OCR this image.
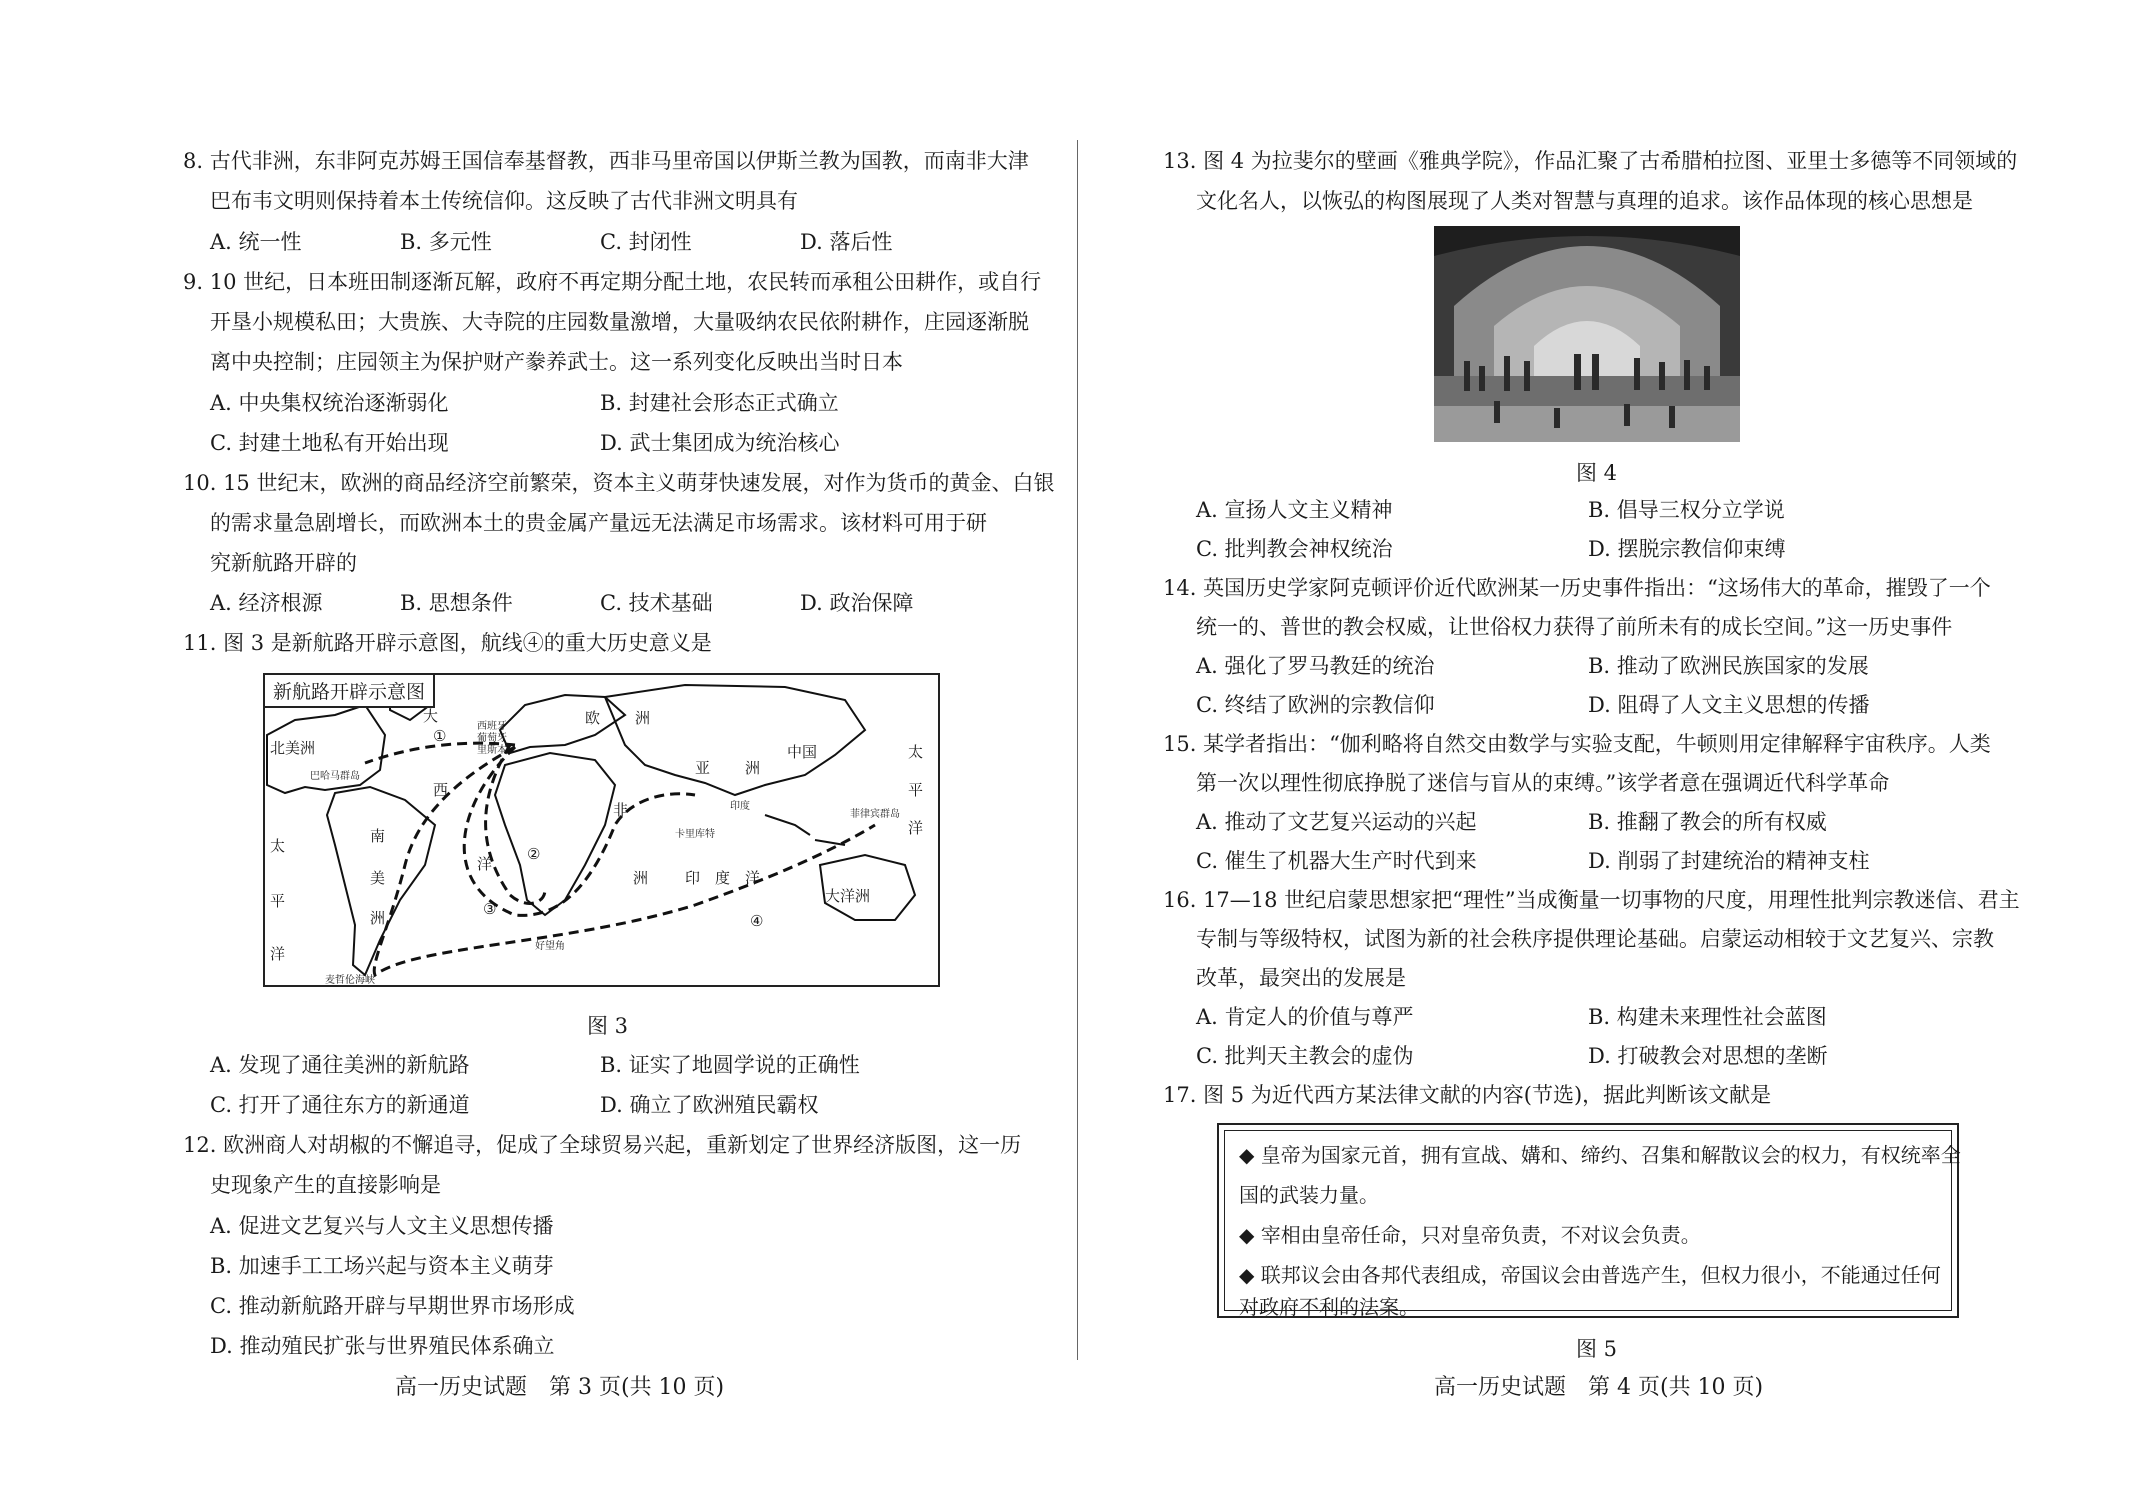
8. 古代非洲，东非阿克苏姆王国信奉基督教，西非马里帝国以伊斯兰教为国教，而南非大津
巴布韦文明则保持着本土传统信仰。这反映了古代非洲文明具有
A. 统一性	B. 多元性	C. 封闭性	D. 落后性
9. 10 世纪，日本班田制逐渐瓦解，政府不再定期分配土地，农民转而承租公田耕作，或自行
开垦小规模私田；大贵族、大寺院的庄园数量激增，大量吸纳农民依附耕作，庄园逐渐脱
离中央控制；庄园领主为保护财产豢养武士。这一系列变化反映出当时日本
A. 中央集权统治逐渐弱化	B. 封建社会形态正式确立
C. 封建土地私有开始出现	D. 武士集团成为统治核心
10. 15 世纪末，欧洲的商品经济空前繁荣，资本主义萌芽快速发展，对作为货币的黄金、白银
的需求量急剧增长，而欧洲本土的贵金属产量远无法满足市场需求。该材料可用于研
究新航路开辟的
A. 经济根源	B. 思想条件	C. 技术基础	D. 政治保障
11. 图 3 是新航路开辟示意图，航线④的重大历史意义是
新航路开辟示意图
大
西
洋
欧 洲
亚 洲
非
洲
中国	太
平
洋
北美洲
巴哈马群岛
西班牙
葡萄牙
里斯本
印度
卡里库特
菲律宾群岛
太
平
洋
南
美
洲
印 度 洋
大洋洲
好望角
麦哲伦海峡
①
②
③
④
图 3
A. 发现了通往美洲的新航路	B. 证实了地圆学说的正确性
C. 打开了通往东方的新通道	D. 确立了欧洲殖民霸权
12. 欧洲商人对胡椒的不懈追寻，促成了全球贸易兴起，重新划定了世界经济版图，这一历
史现象产生的直接影响是
A. 促进文艺复兴与人文主义思想传播
B. 加速手工工场兴起与资本主义萌芽
C. 推动新航路开辟与早期世界市场形成
D. 推动殖民扩张与世界殖民体系确立
高一历史试题　第 3 页(共 10 页)
13. 图 4 为拉斐尔的壁画《雅典学院》，作品汇聚了古希腊柏拉图、亚里士多德等不同领域的
文化名人，以恢弘的构图展现了人类对智慧与真理的追求。该作品体现的核心思想是
图 4
A. 宣扬人文主义精神	B. 倡导三权分立学说
C. 批判教会神权统治	D. 摆脱宗教信仰束缚
14. 英国历史学家阿克顿评价近代欧洲某一历史事件指出：“这场伟大的革命，摧毁了一个
统一的、普世的教会权威，让世俗权力获得了前所未有的成长空间。”这一历史事件
A. 强化了罗马教廷的统治	B. 推动了欧洲民族国家的发展
C. 终结了欧洲的宗教信仰	D. 阻碍了人文主义思想的传播
15. 某学者指出：“伽利略将自然交由数学与实验支配，牛顿则用定律解释宇宙秩序。人类
第一次以理性彻底挣脱了迷信与盲从的束缚。”该学者意在强调近代科学革命
A. 推动了文艺复兴运动的兴起	B. 推翻了教会的所有权威
C. 催生了机器大生产时代到来	D. 削弱了封建统治的精神支柱
16. 17—18 世纪启蒙思想家把“理性”当成衡量一切事物的尺度，用理性批判宗教迷信、君主
专制与等级特权，试图为新的社会秩序提供理论基础。启蒙运动相较于文艺复兴、宗教
改革，最突出的发展是
A. 肯定人的价值与尊严	B. 构建未来理性社会蓝图
C. 批判天主教会的虚伪	D. 打破教会对思想的垄断
17. 图 5 为近代西方某法律文献的内容(节选)，据此判断该文献是
◆ 皇帝为国家元首，拥有宣战、媾和、缔约、召集和解散议会的权力，有权统率全
国的武装力量。
◆ 宰相由皇帝任命，只对皇帝负责，不对议会负责。
◆ 联邦议会由各邦代表组成，帝国议会由普选产生，但权力很小，不能通过任何
对政府不利的法案。
图 5
高一历史试题　第 4 页(共 10 页)
